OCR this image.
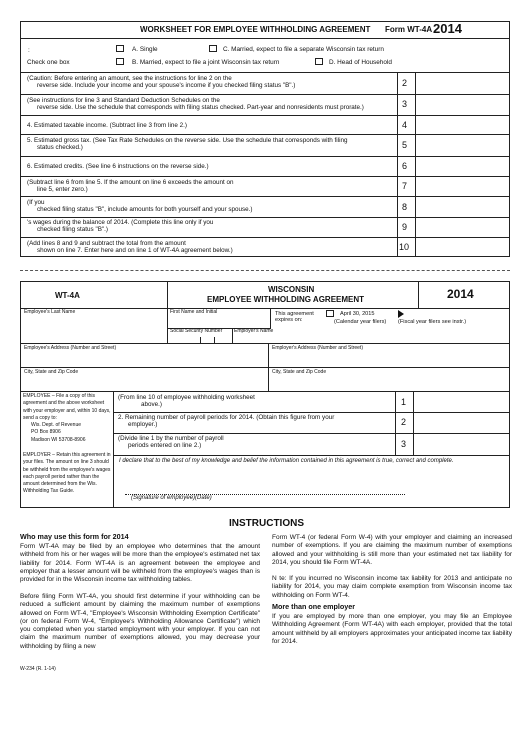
WORKSHEET FOR EMPLOYEE WITHHOLDING AGREEMENT Form WT-4A 2014
:
Check one box
A. Single	C. Married, expect to file a separate Wisconsin tax return
B. Married, expect to file a joint Wisconsin tax return	D. Head of Household
(Caution: Before entering an amount, see the instructions for line 2 on the
reverse side. Include your income and your spouse's income if you checked filing status "B".)	2
(See instructions for line 3 and Standard Deduction Schedules on the
reverse side. Use the schedule that corresponds with filing status checked. Part-year and nonresidents must prorate.)	3
4. Estimated taxable income. (Subtract line 3 from line 2.)	4
5. Estimated gross tax. (See Tax Rate Schedules on the reverse side. Use the schedule that corresponds with filing
status checked.)	5
6. Estimated credits. (See line 6 instructions on the reverse side.)	6
(Subtract line 6 from line 5. If the amount on line 6 exceeds the amount on
line 5, enter zero.)	7
(If you
checked filing status "B", include amounts for both yourself and your spouse.)	8
's wages during the balance of 2014. (Complete this line only if you
checked filing status "B".)	9
(Add lines 8 and 9 and subtract the total from the amount
shown on line 7. Enter here and on line 1 of WT-4A agreement below.)	10
WT-4A
WISCONSIN
EMPLOYEE WITHHOLDING AGREEMENT	2014
Employee's Last Name	First Name and Initial	This agreement
expires on:
April 30, 2015
(Calendar year filers) (Fiscal year filers see instr.)
Social Security Number Employer's Name
Employee's Address (Number and Street)	Employer's Address (Number and Street)
City, State and Zip Code	City, State and Zip Code
EMPLOYEE – File a copy of this agreement and the above worksheet with your employer and, within 10 days, send a copy to:
Wis. Dept. of Revenue
PO Box 8906
Madison WI 53708-8906
EMPLOYER – Retain this agreement in your files. The amount on line 3 should be withheld from the employee's wages each payroll period rather than the amount determined from the Wis. Withholding Tax Guide.
(From line 10 of employee withholding worksheet
above.)	1
2. Remaining number of payroll periods for 2014. (Obtain this figure from your
employer.)	2
(Divide line 1 by the number of payroll
periods entered on line 2.)	3
I declare that to the best of my knowledge and belief the information contained in this agreement is true, correct and complete.
(Signature of employee)(Date)
INSTRUCTIONS
Who may use this form for 2014
Form WT-4A may be filed by an employee who determines that the amount withheld from his or her wages will be more than the employee's estimated net tax liability for 2014. Form WT-4A is an agreement between the employee and employer that a lesser amount will be withheld from the employee's wages than is provided for in the Wisconsin income tax withholding tables.
Before filing Form WT-4A, you should first determine if your withholding can be reduced a sufficient amount by claiming the maximum number of exemptions allowed on Form WT-4, "Employee's Wisconsin Withholding Exemption Certificate" (or on federal Form W-4, "Employee's Withholding Allowance Certificate") which you completed when you started employment with your employer. If you can not claim the maximum number of exemptions allowed, you may decrease your withholding by filing a new
Form WT-4 (or federal Form W-4) with your employer and claiming an increased number of exemptions. If you are claiming the maximum number of exemptions allowed and your withholding is still more than your estimated net tax liability for 2014, you should file Form WT-4A.
N te: If you incurred no Wisconsin income tax liability for 2013 and anticipate no liability for 2014, you may claim complete exemption from Wisconsin income tax withholding on Form WT-4.
More than one employer
If you are employed by more than one employer, you may file an Employee Withholding Agreement (Form WT-4A) with each employer, provided that the total amount withheld by all employers approximates your anticipated income tax liability for 2014.
W-234 (R. 1-14)
